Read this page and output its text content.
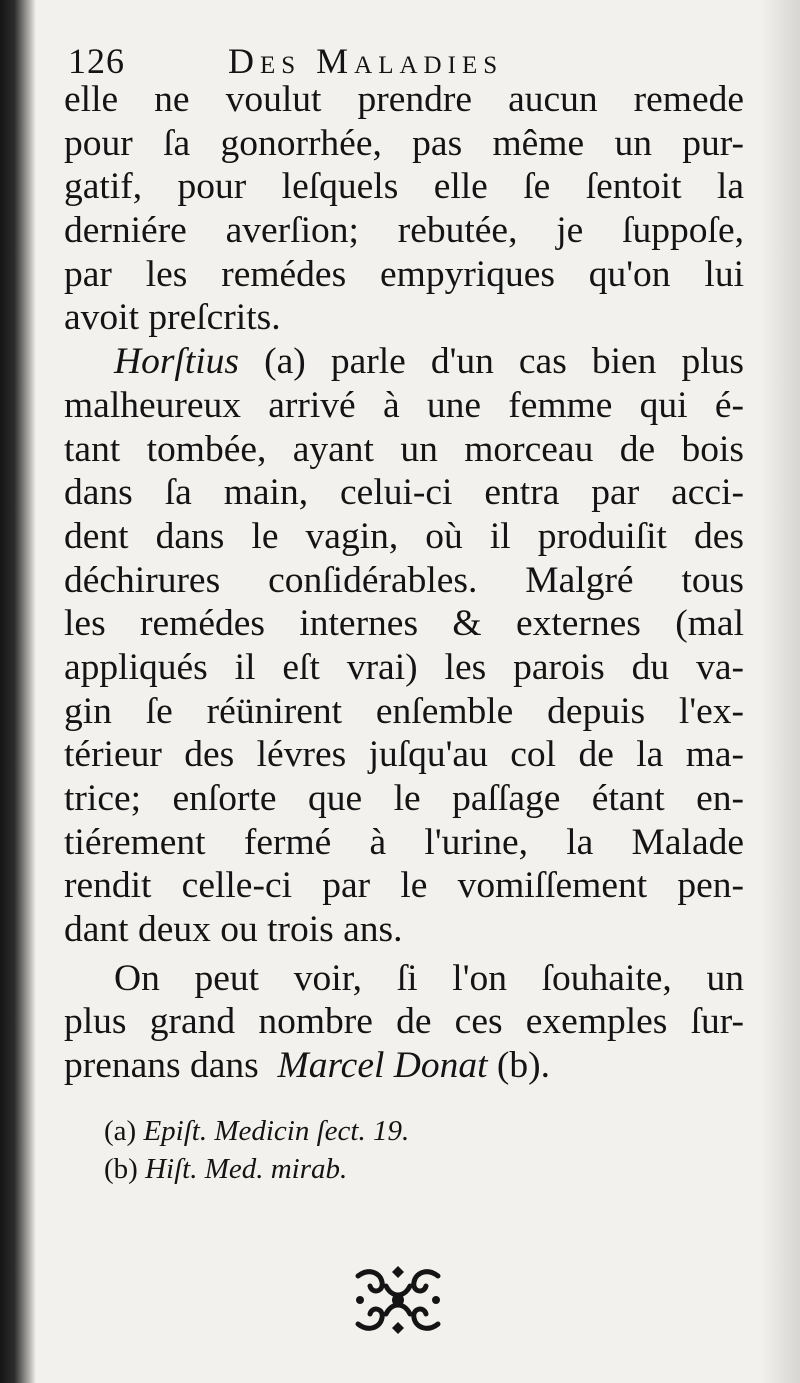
126	Des Maladies
elle ne voulut prendre aucun remede
pour ſa gonorrhée, pas même un pur-
gatif, pour leſquels elle ſe ſentoit la
derniére averſion; rebutée, je ſuppoſe,
par les remédes empyriques qu'on lui
avoit preſcrits.
Horſtius (a) parle d'un cas bien plus
malheureux arrivé à une femme qui é-
tant tombée, ayant un morceau de bois
dans ſa main, celui-ci entra par acci-
dent dans le vagin, où il produiſit des
déchirures conſidérables. Malgré tous
les remédes internes & externes (mal
appliqués il eſt vrai) les parois du va-
gin ſe réünirent enſemble depuis l'ex-
térieur des lévres juſqu'au col de la ma-
trice; enſorte que le paſſage étant en-
tiérement fermé à l'urine, la Malade
rendit celle-ci par le vomiſſement pen-
dant deux ou trois ans.
On peut voir, ſi l'on ſouhaite, un
plus grand nombre de ces exemples ſur-
prenans dans Marcel Donat (b).
(a) Epiſt. Medicin ſect. 19.
(b) Hiſt. Med. mirab.
